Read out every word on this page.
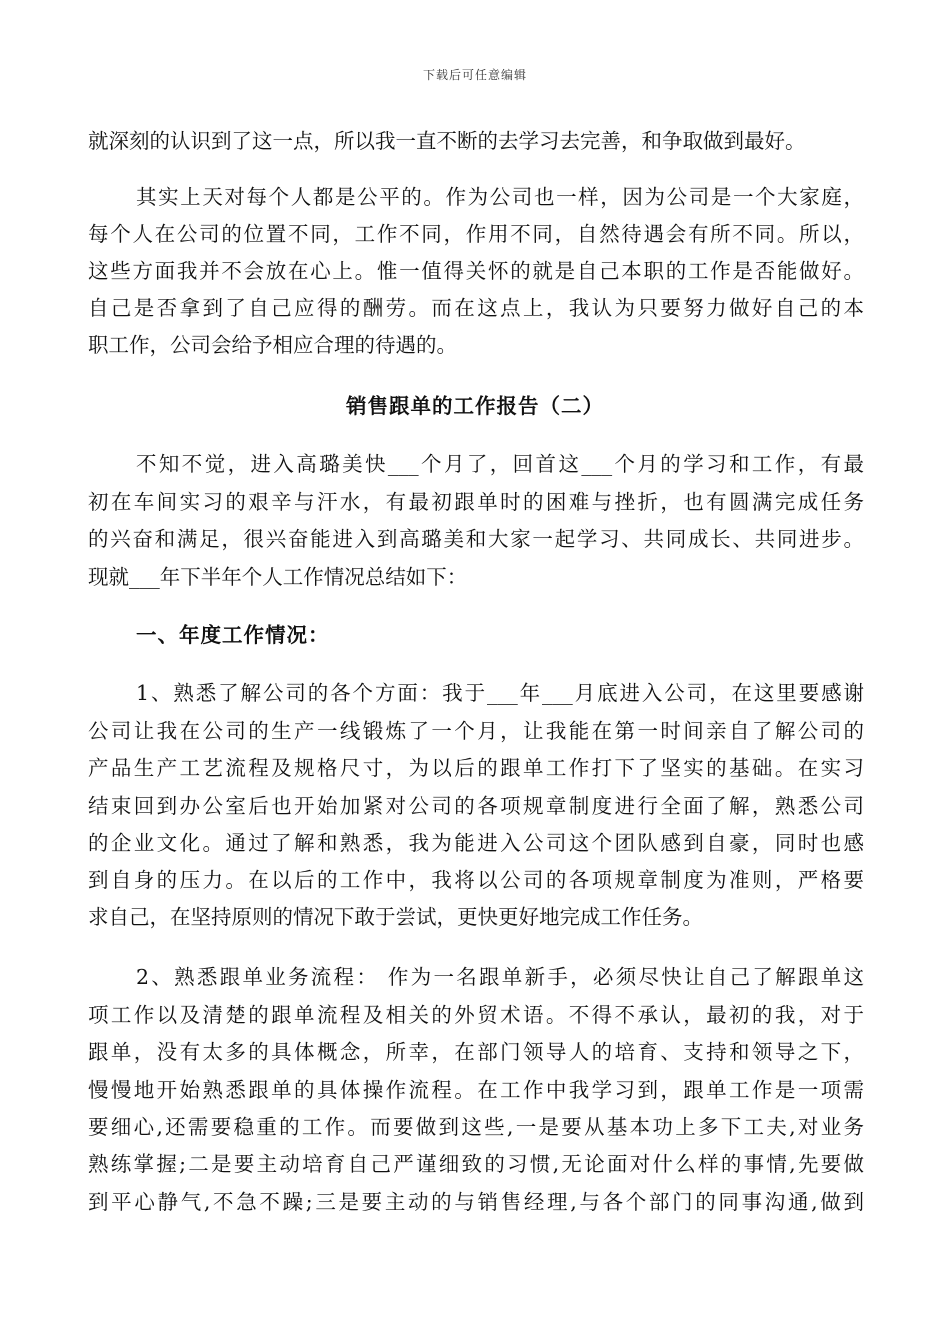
下载后可任意编辑
就深刻的认识到了这一点，所以我一直不断的去学习去完善，和争取做到最好。
其实上天对每个人都是公平的。作为公司也一样，因为公司是一个大家庭，
每个人在公司的位置不同，工作不同，作用不同，自然待遇会有所不同。所以，
这些方面我并不会放在心上。惟一值得关怀的就是自己本职的工作是否能做好。
自己是否拿到了自己应得的酬劳。而在这点上，我认为只要努力做好自己的本
职工作，公司会给予相应合理的待遇的。
销售跟单的工作报告（二）
不知不觉，进入高璐美快___个月了，回首这___个月的学习和工作，有最
初在车间实习的艰辛与汗水，有最初跟单时的困难与挫折，也有圆满完成任务
的兴奋和满足，很兴奋能进入到高璐美和大家一起学习、共同成长、共同进步。
现就___年下半年个人工作情况总结如下：
一、年度工作情况：
1、熟悉了解公司的各个方面：我于___年___月底进入公司，在这里要感谢
公司让我在公司的生产一线锻炼了一个月，让我能在第一时间亲自了解公司的
产品生产工艺流程及规格尺寸，为以后的跟单工作打下了坚实的基础。在实习
结束回到办公室后也开始加紧对公司的各项规章制度进行全面了解，熟悉公司
的企业文化。通过了解和熟悉，我为能进入公司这个团队感到自豪，同时也感
到自身的压力。在以后的工作中，我将以公司的各项规章制度为准则，严格要
求自己，在坚持原则的情况下敢于尝试，更快更好地完成工作任务。
2、熟悉跟单业务流程： 作为一名跟单新手，必须尽快让自己了解跟单这
项工作以及清楚的跟单流程及相关的外贸术语。不得不承认，最初的我，对于
跟单，没有太多的具体概念，所幸，在部门领导人的培育、支持和领导之下，
慢慢地开始熟悉跟单的具体操作流程。在工作中我学习到，跟单工作是一项需
要细心,还需要稳重的工作。而要做到这些,一是要从基本功上多下工夫,对业务
熟练掌握;二是要主动培育自己严谨细致的习惯,无论面对什么样的事情,先要做
到平心静气,不急不躁;三是要主动的与销售经理,与各个部门的同事沟通,做到
